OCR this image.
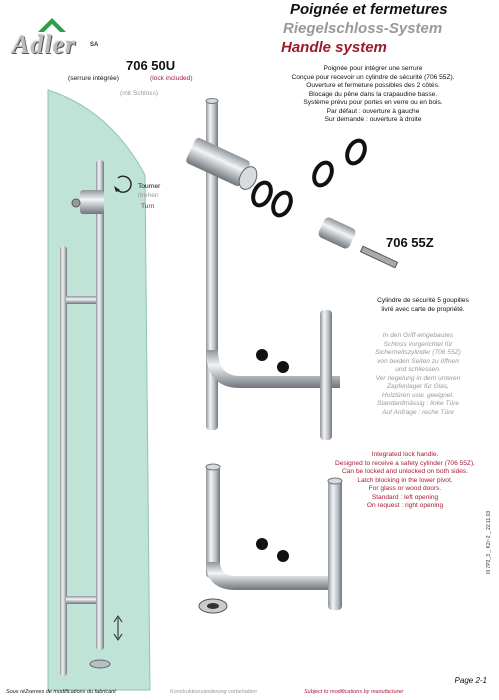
Adler SA
Poignée et fermetures
Riegelschloss-System
Handle system
706 50U
(serrure intégrée)	(lock included)
(mit Schloss)
Poignée pour intégrer une serrure
Conçue pour recevoir un cylindre de sécurité (706 55Z).
Ouverture et fermeture possibles des 2 côtés.
Blocage du pêne dans la crapaudine basse.
Système prévu pour portes en verre ou en bois.
Par défaut : ouverture à gauche
Sur demande : ouverture à droite
Tourner
drehen
Turn
706 55Z
Cylindre de sécurité 5 goupilles
livré avec carte de propriété.
In den Griff eingebautes
Schloss vorgerichtet für
Sicherheitszylinder (706 55Z)
von beiden Seiten zu öffnen
und schliessen.
Ver riegelung in dem unteren
Zapfenlager für Glas,
Holztüren usw. geeignet.
Standardmässig : linke Türe
Auf Anfrage : reche Türe
Integrated lock handle.
Designed to receive a safety cylinder (706 55Z).
Can be locked and unlocked on both sides.
Latch blocking in the lower pivot.
For glass or wood doors.
Standard : left opening
On request : right opening
III 7P2_3 _ K2i~2 _ 22.11.03
Page 2-1
Sous ré2serves de modifications du fabricant	Konstruktionsänderung vorbehalten	Subject to modifications by manufacturer
